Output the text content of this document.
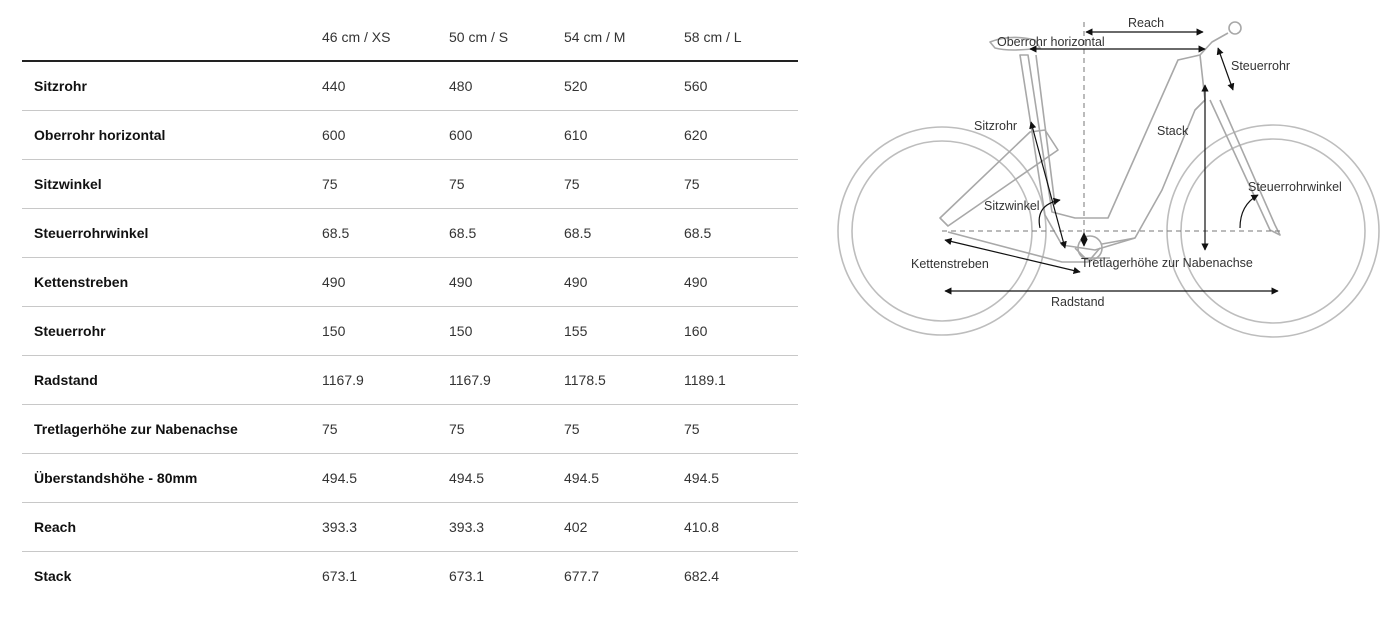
	46 cm / XS	50 cm / S	54 cm / M	58 cm / L
Sitzrohr	440	480	520	560
Oberrohr horizontal	600	600	610	620
Sitzwinkel	75	75	75	75
Steuerrohrwinkel	68.5	68.5	68.5	68.5
Kettenstreben	490	490	490	490
Steuerrohr	150	150	155	160
Radstand	1167.9	1167.9	1178.5	1189.1
Tretlagerhöhe zur Nabenachse	75	75	75	75
Überstandshöhe - 80mm	494.5	494.5	494.5	494.5
Reach	393.3	393.3	402	410.8
Stack	673.1	673.1	677.7	682.4
Reach
Oberrohr horizontal
Steuerrohr
Sitzrohr	Stack
Steuerrohrwinkel
Sitzwinkel
Kettenstreben	Tretlagerhöhe zur Nabenachse
Radstand
